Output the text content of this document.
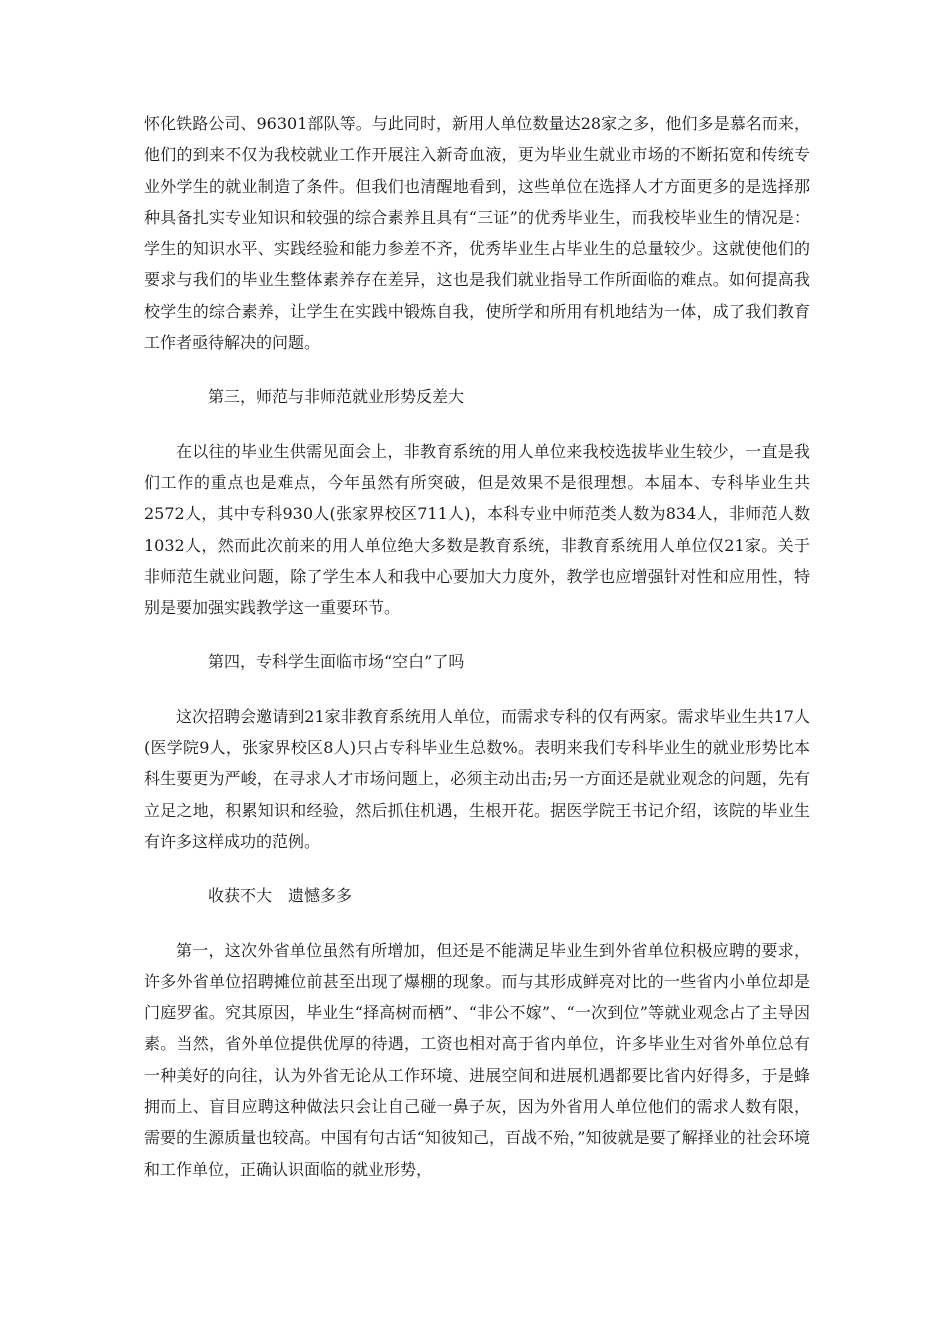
怀化铁路公司、96301部队等。与此同时，新用人单位数量达28家之多，他们多是慕名而来，他们的到来不仅为我校就业工作开展注入新奇血液，更为毕业生就业市场的不断拓宽和传统专业外学生的就业制造了条件。但我们也清醒地看到，这些单位在选择人才方面更多的是选择那种具备扎实专业知识和较强的综合素养且具有“三证”的优秀毕业生，而我校毕业生的情况是：学生的知识水平、实践经验和能力参差不齐，优秀毕业生占毕业生的总量较少。这就使他们的要求与我们的毕业生整体素养存在差异，这也是我们就业指导工作所面临的难点。如何提高我校学生的综合素养，让学生在实践中锻炼自我，使所学和所用有机地结为一体，成了我们教育工作者亟待解决的问题。

第三，师范与非师范就业形势反差大

在以往的毕业生供需见面会上，非教育系统的用人单位来我校选拔毕业生较少，一直是我们工作的重点也是难点，今年虽然有所突破，但是效果不是很理想。本届本、专科毕业生共2572人，其中专科930人(张家界校区711人)，本科专业中师范类人数为834人，非师范人数1032人，然而此次前来的用人单位绝大多数是教育系统，非教育系统用人单位仅21家。关于非师范生就业问题，除了学生本人和我中心要加大力度外，教学也应增强针对性和应用性，特别是要加强实践教学这一重要环节。

第四，专科学生面临市场“空白”了吗

这次招聘会邀请到21家非教育系统用人单位，而需求专科的仅有两家。需求毕业生共17人(医学院9人，张家界校区8人)只占专科毕业生总数%。表明来我们专科毕业生的就业形势比本科生要更为严峻，在寻求人才市场问题上，必须主动出击;另一方面还是就业观念的问题，先有立足之地，积累知识和经验，然后抓住机遇，生根开花。据医学院王书记介绍，该院的毕业生有许多这样成功的范例。

收获不大 遗憾多多

第一，这次外省单位虽然有所增加，但还是不能满足毕业生到外省单位积极应聘的要求，许多外省单位招聘摊位前甚至出现了爆棚的现象。而与其形成鲜亮对比的一些省内小单位却是门庭罗雀。究其原因，毕业生“择高树而栖”、“非公不嫁”、“一次到位”等就业观念占了主导因素。当然，省外单位提供优厚的待遇，工资也相对高于省内单位，许多毕业生对省外单位总有一种美好的向往，认为外省无论从工作环境、进展空间和进展机遇都要比省内好得多，于是蜂拥而上、盲目应聘这种做法只会让自己碰一鼻子灰，因为外省用人单位他们的需求人数有限，需要的生源质量也较高。中国有句古话“知彼知己，百战不殆，”知彼就是要了解择业的社会环境和工作单位，正确认识面临的就业形势，
